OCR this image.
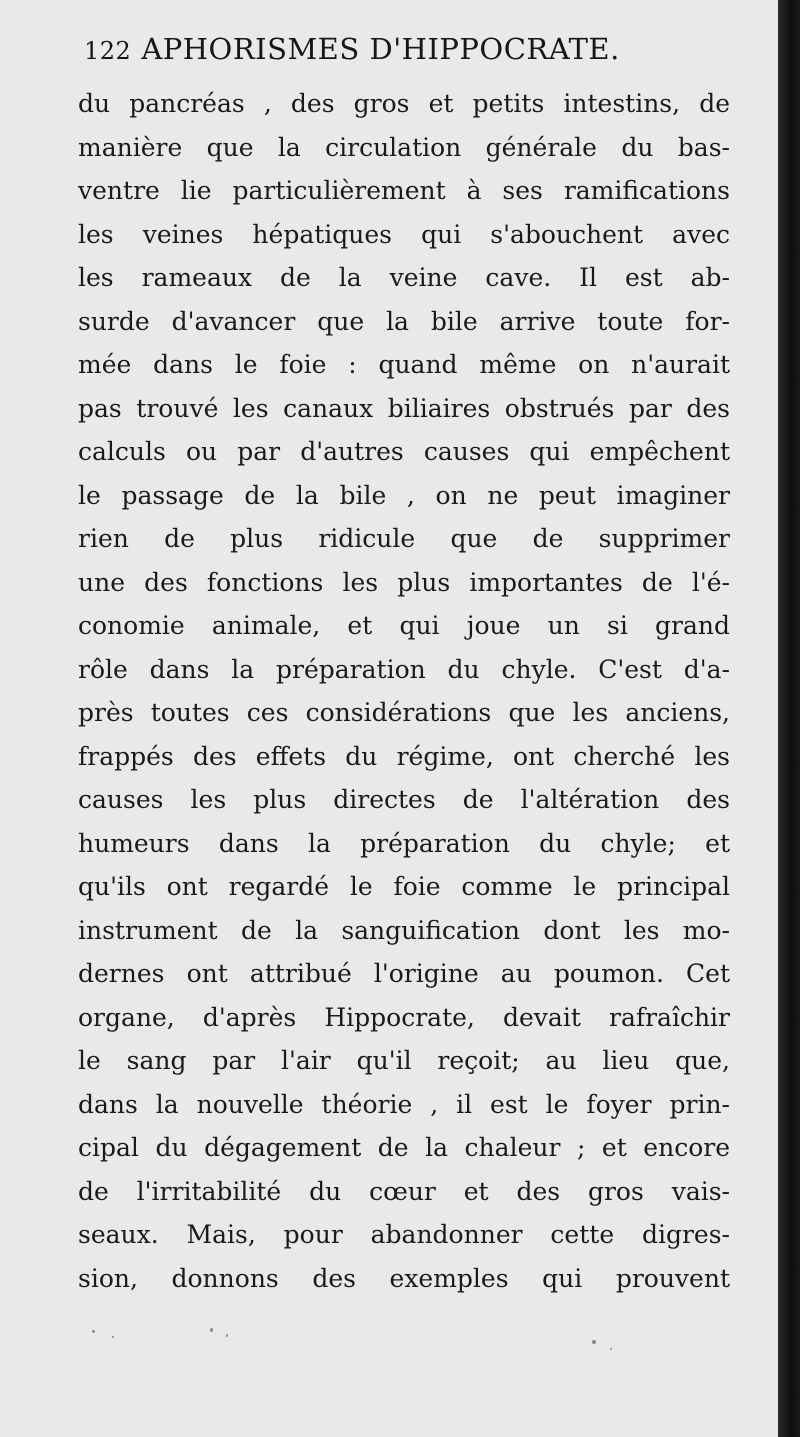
122 APHORISMES D'HIPPOCRATE.
du pancréas , des gros et petits intestins, de
manière que la circulation générale du bas-
ventre lie particulièrement à ses ramifications
les veines hépatiques qui s'abouchent avec
les rameaux de la veine cave. Il est ab-
surde d'avancer que la bile arrive toute for-
mée dans le foie : quand même on n'aurait
pas trouvé les canaux biliaires obstrués par des
calculs ou par d'autres causes qui empêchent
le passage de la bile , on ne peut imaginer
rien de plus ridicule que de supprimer
une des fonctions les plus importantes de l'é-
conomie animale, et qui joue un si grand
rôle dans la préparation du chyle. C'est d'a-
près toutes ces considérations que les anciens,
frappés des effets du régime, ont cherché les
causes les plus directes de l'altération des
humeurs dans la préparation du chyle; et
qu'ils ont regardé le foie comme le principal
instrument de la sanguification dont les mo-
dernes ont attribué l'origine au poumon. Cet
organe, d'après Hippocrate, devait rafraîchir
le sang par l'air qu'il reçoit; au lieu que,
dans la nouvelle théorie , il est le foyer prin-
cipal du dégagement de la chaleur ; et encore
de l'irritabilité du cœur et des gros vais-
seaux. Mais, pour abandonner cette digres-
sion, donnons des exemples qui prouvent
